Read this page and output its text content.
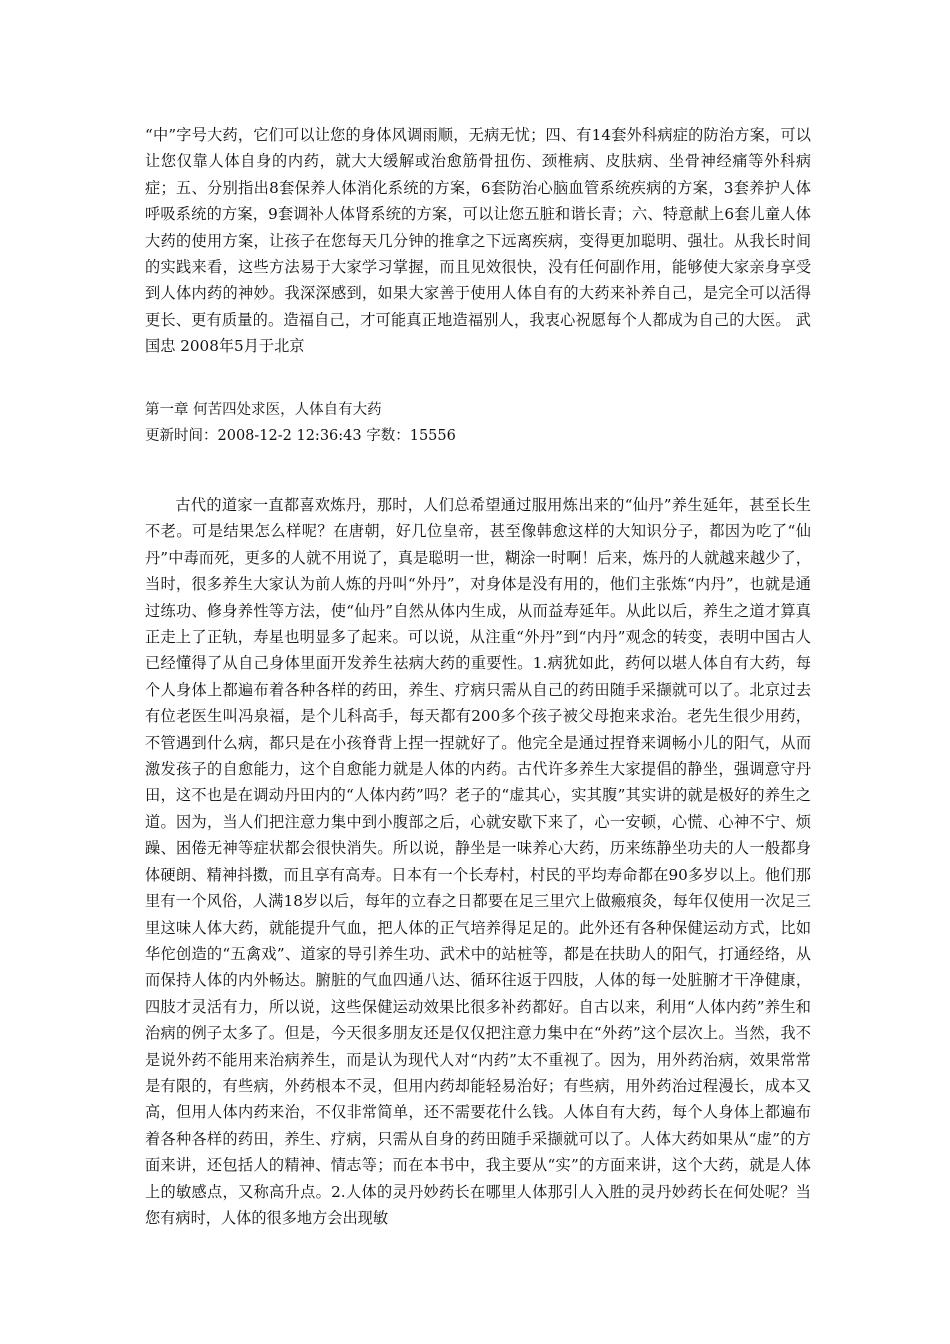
“中”字号大药，它们可以让您的身体风调雨顺，无病无忧；四、有14套外科病症的防治方案，可以让您仅靠人体自身的内药，就大大缓解或治愈筋骨扭伤、颈椎病、皮肤病、坐骨神经痛等外科病症；五、分别指出8套保养人体消化系统的方案，6套防治心脑血管系统疾病的方案，3套养护人体呼吸系统的方案，9套调补人体肾系统的方案，可以让您五脏和谐长青；六、特意献上6套儿童人体大药的使用方案，让孩子在您每天几分钟的推拿之下远离疾病，变得更加聪明、强壮。从我长时间的实践来看，这些方法易于大家学习掌握，而且见效很快，没有任何副作用，能够使大家亲身享受到人体内药的神妙。我深深感到，如果大家善于使用人体自有的大药来补养自己，是完全可以活得更长、更有质量的。造福自己，才可能真正地造福别人，我衷心祝愿每个人都成为自己的大医。 武国忠 2008年5月于北京

第一章 何苦四处求医，人体自有大药
更新时间：2008-12-2 12:36:43 字数：15556

古代的道家一直都喜欢炼丹，那时，人们总希望通过服用炼出来的“仙丹”养生延年，甚至长生不老。可是结果怎么样呢？在唐朝，好几位皇帝，甚至像韩愈这样的大知识分子，都因为吃了“仙丹”中毒而死，更多的人就不用说了，真是聪明一世，糊涂一时啊！后来，炼丹的人就越来越少了，当时，很多养生大家认为前人炼的丹叫“外丹”，对身体是没有用的，他们主张炼“内丹”，也就是通过练功、修身养性等方法，使“仙丹”自然从体内生成，从而益寿延年。从此以后，养生之道才算真正走上了正轨，寿星也明显多了起来。可以说，从注重“外丹”到“内丹”观念的转变，表明中国古人已经懂得了从自己身体里面开发养生祛病大药的重要性。1.病犹如此，药何以堪人体自有大药，每个人身体上都遍布着各种各样的药田，养生、疗病只需从自己的药田随手采撷就可以了。北京过去有位老医生叫冯泉福，是个儿科高手，每天都有200多个孩子被父母抱来求治。老先生很少用药，不管遇到什么病，都只是在小孩脊背上捏一捏就好了。他完全是通过捏脊来调畅小儿的阳气，从而激发孩子的自愈能力，这个自愈能力就是人体的内药。古代许多养生大家提倡的静坐，强调意守丹田，这不也是在调动丹田内的“人体内药”吗？老子的“虚其心，实其腹”其实讲的就是极好的养生之道。因为，当人们把注意力集中到小腹部之后，心就安歇下来了，心一安顿，心慌、心神不宁、烦躁、困倦无神等症状都会很快消失。所以说，静坐是一味养心大药，历来练静坐功夫的人一般都身体硬朗、精神抖擞，而且享有高寿。日本有一个长寿村，村民的平均寿命都在90多岁以上。他们那里有一个风俗，人满18岁以后，每年的立春之日都要在足三里穴上做瘢痕灸，每年仅使用一次足三里这味人体大药，就能提升气血，把人体的正气培养得足足的。此外还有各种保健运动方式，比如华佗创造的“五禽戏”、道家的导引养生功、武术中的站桩等，都是在扶助人的阳气，打通经络，从而保持人体的内外畅达。腑脏的气血四通八达、循环往返于四肢，人体的每一处脏腑才干净健康，四肢才灵活有力，所以说，这些保健运动效果比很多补药都好。自古以来，利用“人体内药”养生和治病的例子太多了。但是，今天很多朋友还是仅仅把注意力集中在“外药”这个层次上。当然，我不是说外药不能用来治病养生，而是认为现代人对“内药”太不重视了。因为，用外药治病，效果常常是有限的，有些病，外药根本不灵，但用内药却能轻易治好；有些病，用外药治过程漫长，成本又高，但用人体内药来治，不仅非常简单，还不需要花什么钱。人体自有大药，每个人身体上都遍布着各种各样的药田，养生、疗病，只需从自身的药田随手采撷就可以了。人体大药如果从“虚”的方面来讲，还包括人的精神、情志等；而在本书中，我主要从“实”的方面来讲，这个大药，就是人体上的敏感点，又称高升点。2.人体的灵丹妙药长在哪里人体那引人入胜的灵丹妙药长在何处呢？当您有病时，人体的很多地方会出现敏
